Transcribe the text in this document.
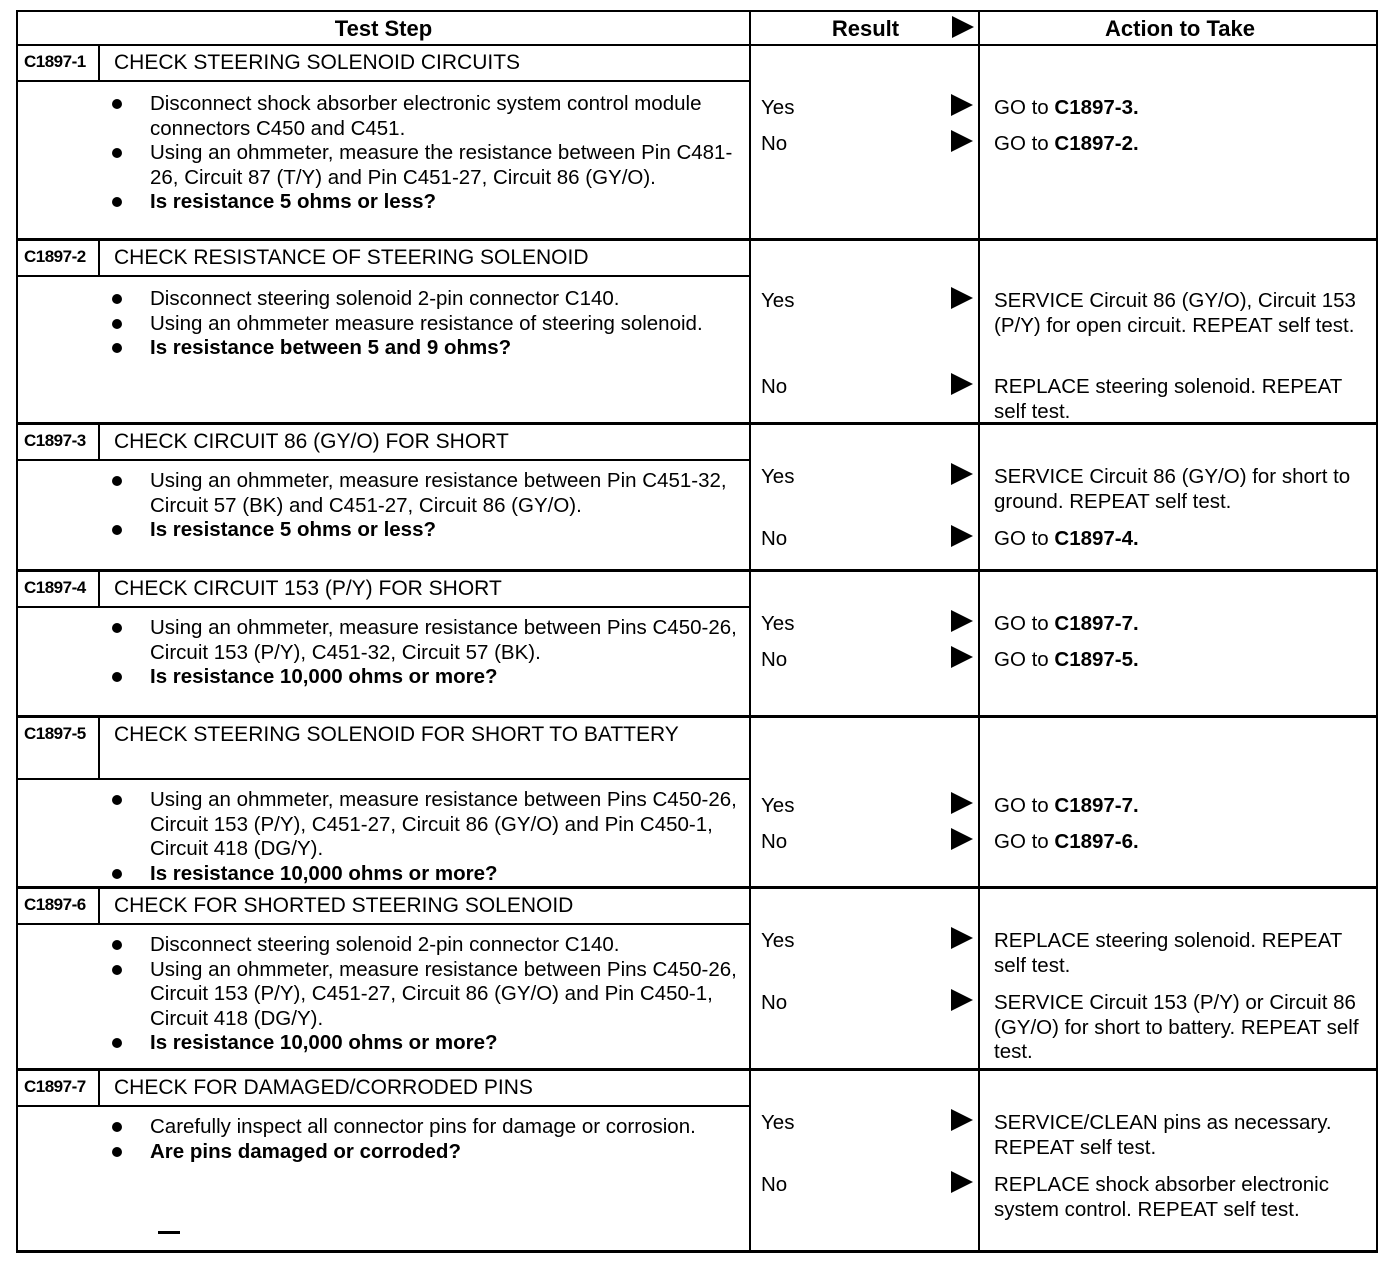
Test Step	Result	Action to Take
C1897-1	CHECK STEERING SOLENOID CIRCUITS
Disconnect shock absorber electronic system control module connectors C450 and C451.
Using an ohmmeter, measure the resistance between Pin C481-26, Circuit 87 (T/Y) and Pin C451-27, Circuit 86 (GY/O).
Is resistance 5 ohms or less?
Yes	GO to C1897-3.
No	GO to C1897-2.
C1897-2	CHECK RESISTANCE OF STEERING SOLENOID
Disconnect steering solenoid 2-pin connector C140.
Using an ohmmeter measure resistance of steering solenoid.
Is resistance between 5 and 9 ohms?
Yes	SERVICE Circuit 86 (GY/O), Circuit 153 (P/Y) for open circuit. REPEAT self test.
No	REPLACE steering solenoid. REPEAT self test.
C1897-3	CHECK CIRCUIT 86 (GY/O) FOR SHORT
Using an ohmmeter, measure resistance between Pin C451-32, Circuit 57 (BK) and C451-27, Circuit 86 (GY/O).
Is resistance 5 ohms or less?
Yes	SERVICE Circuit 86 (GY/O) for short to ground. REPEAT self test.
No	GO to C1897-4.
C1897-4	CHECK CIRCUIT 153 (P/Y) FOR SHORT
Using an ohmmeter, measure resistance between Pins C450-26, Circuit 153 (P/Y), C451-32, Circuit 57 (BK).
Is resistance 10,000 ohms or more?
Yes	GO to C1897-7.
No	GO to C1897-5.
C1897-5	CHECK STEERING SOLENOID FOR SHORT TO BATTERY
Using an ohmmeter, measure resistance between Pins C450-26, Circuit 153 (P/Y), C451-27, Circuit 86 (GY/O) and Pin C450-1, Circuit 418 (DG/Y).
Is resistance 10,000 ohms or more?
Yes	GO to C1897-7.
No	GO to C1897-6.
C1897-6	CHECK FOR SHORTED STEERING SOLENOID
Disconnect steering solenoid 2-pin connector C140.
Using an ohmmeter, measure resistance between Pins C450-26, Circuit 153 (P/Y), C451-27, Circuit 86 (GY/O) and Pin C450-1, Circuit 418 (DG/Y).
Is resistance 10,000 ohms or more?
Yes	REPLACE steering solenoid. REPEAT self test.
No	SERVICE Circuit 153 (P/Y) or Circuit 86 (GY/O) for short to battery. REPEAT self test.
C1897-7	CHECK FOR DAMAGED/CORRODED PINS
Carefully inspect all connector pins for damage or corrosion.
Are pins damaged or corroded?
Yes	SERVICE/CLEAN pins as necessary. REPEAT self test.
No	REPLACE shock absorber electronic system control. REPEAT self test.
